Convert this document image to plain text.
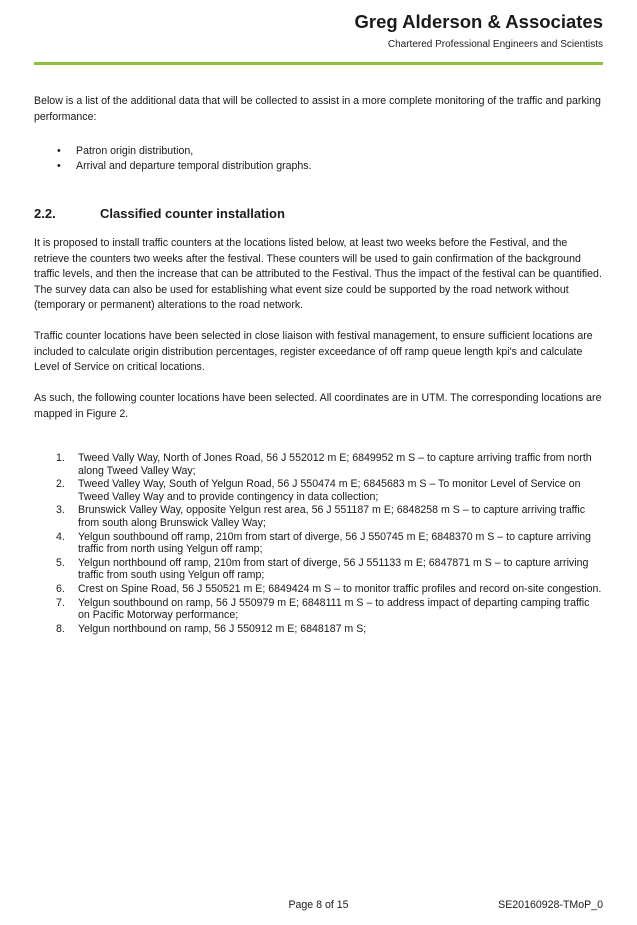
Greg Alderson & Associates
Chartered Professional Engineers and Scientists

Below is a list of the additional data that will be collected to assist in a more complete monitoring of the traffic and parking performance:

• Patron origin distribution,
• Arrival and departure temporal distribution graphs.
2.2.	Classified counter installation

It is proposed to install traffic counters at the locations listed below, at least two weeks before the Festival, and the retrieve the counters two weeks after the festival. These counters will be used to gain confirmation of the background traffic levels, and then the increase that can be attributed to the Festival. Thus the impact of the festival can be quantified. The survey data can also be used for establishing what event size could be supported by the road network without (temporary or permanent) alterations to the road network.

Traffic counter locations have been selected in close liaison with festival management, to ensure sufficient locations are included to calculate origin distribution percentages, register exceedance of off ramp queue length kpi's and calculate Level of Service on critical locations.

As such, the following counter locations have been selected. All coordinates are in UTM. The corresponding locations are mapped in Figure 2.

1. Tweed Vally Way, North of Jones Road, 56 J 552012 m E; 6849952 m S – to capture arriving traffic from north along Tweed Valley Way;
2. Tweed Valley Way, South of Yelgun Road, 56 J 550474 m E; 6845683 m S – To monitor Level of Service on Tweed Valley Way and to provide contingency in data collection;
3. Brunswick Valley Way, opposite Yelgun rest area, 56 J 551187 m E; 6848258 m S – to capture arriving traffic from south along Brunswick Valley Way;
4. Yelgun southbound off ramp, 210m from start of diverge, 56 J 550745 m E; 6848370 m S – to capture arriving traffic from north using Yelgun off ramp;
5. Yelgun northbound off ramp, 210m from start of diverge, 56 J 551133 m E; 6847871 m S – to capture arriving traffic from south using Yelgun off ramp;
6. Crest on Spine Road, 56 J 550521 m E; 6849424 m S – to monitor traffic profiles and record on-site congestion.
7. Yelgun southbound on ramp, 56 J 550979 m E; 6848111 m S – to address impact of departing camping traffic on Pacific Motorway performance;
8. Yelgun northbound on ramp, 56 J 550912 m E; 6848187 m S;
Page 8 of 15	SE20160928-TMoP_0
